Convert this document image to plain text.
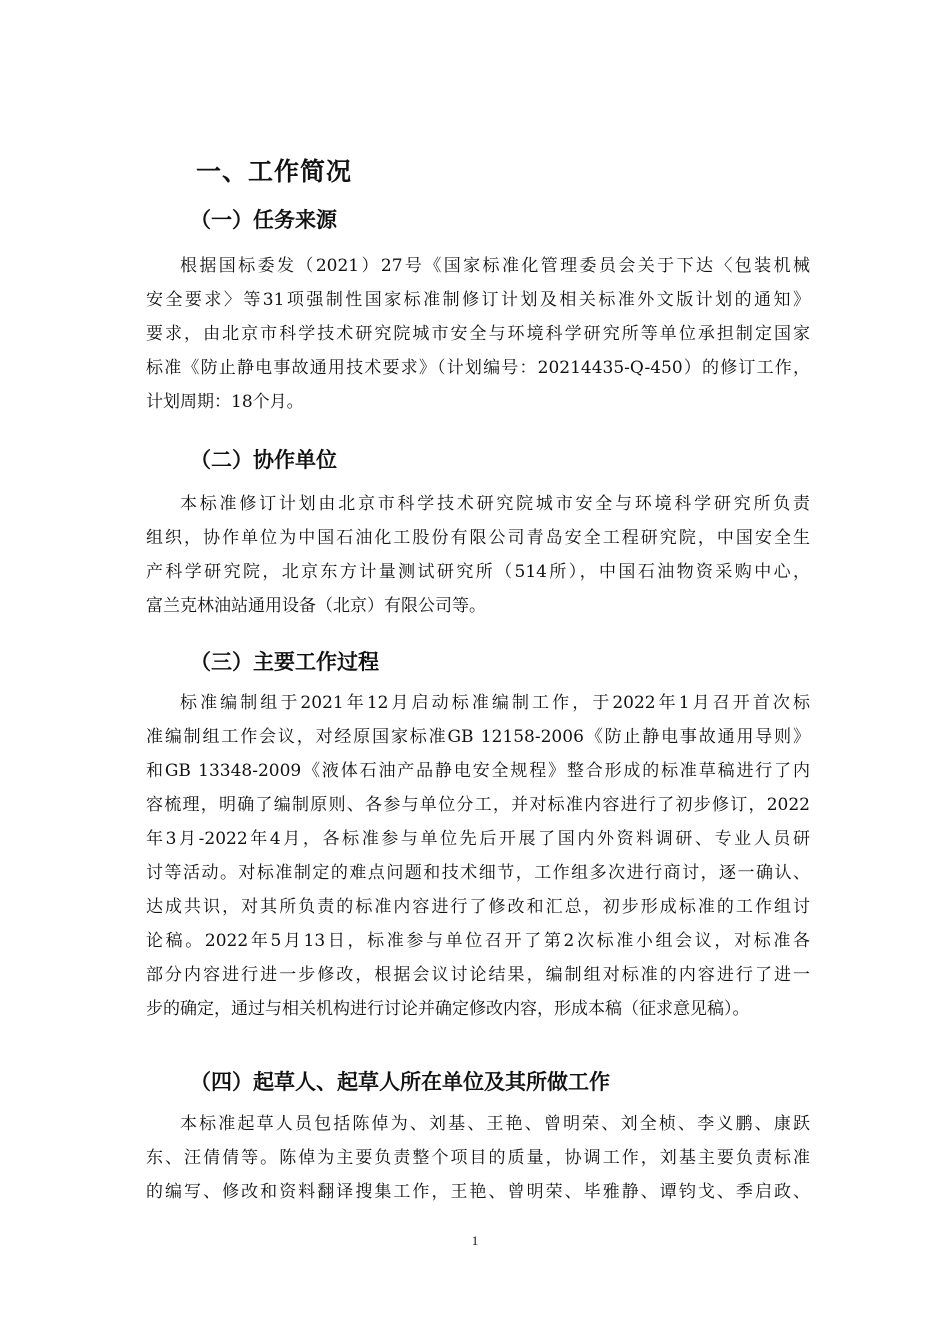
一、工作简况
（一）任务来源
根据国标委发（2021）27号《国家标准化管理委员会关于下达〈包装机械
安全要求〉等31项强制性国家标准制修订计划及相关标准外文版计划的通知》
要求，由北京市科学技术研究院城市安全与环境科学研究所等单位承担制定国家
标准《防止静电事故通用技术要求》（计划编号：20214435-Q-450）的修订工作，
计划周期：18个月。
（二）协作单位
本标准修订计划由北京市科学技术研究院城市安全与环境科学研究所负责
组织，协作单位为中国石油化工股份有限公司青岛安全工程研究院，中国安全生
产科学研究院，北京东方计量测试研究所（514所），中国石油物资采购中心，
富兰克林油站通用设备（北京）有限公司等。
（三）主要工作过程
标准编制组于2021年12月启动标准编制工作，于2022年1月召开首次标
准编制组工作会议，对经原国家标准GB 12158-2006《防止静电事故通用导则》
和GB 13348-2009《液体石油产品静电安全规程》整合形成的标准草稿进行了内
容梳理，明确了编制原则、各参与单位分工，并对标准内容进行了初步修订，2022
年3月-2022年4月，各标准参与单位先后开展了国内外资料调研、专业人员研
讨等活动。对标准制定的难点问题和技术细节，工作组多次进行商讨，逐一确认、
达成共识，对其所负责的标准内容进行了修改和汇总，初步形成标准的工作组讨
论稿。2022年5月13日，标准参与单位召开了第2次标准小组会议，对标准各
部分内容进行进一步修改，根据会议讨论结果，编制组对标准的内容进行了进一
步的确定，通过与相关机构进行讨论并确定修改内容，形成本稿（征求意见稿）。
（四）起草人、起草人所在单位及其所做工作
本标准起草人员包括陈倬为、刘基、王艳、曾明荣、刘全桢、李义鹏、康跃
东、汪倩倩等。陈倬为主要负责整个项目的质量，协调工作，刘基主要负责标准
的编写、修改和资料翻译搜集工作，王艳、曾明荣、毕雅静、谭钧戈、季启政、
1
